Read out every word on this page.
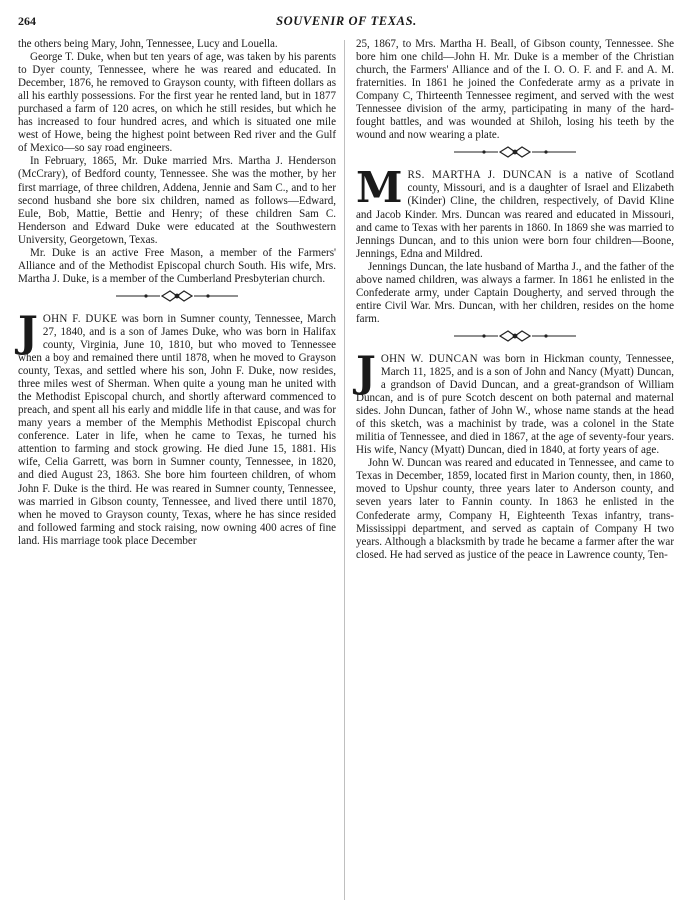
264	SOUVENIR OF TEXAS.

the others being Mary, John, Tennessee, Lucy and Louella.

George T. Duke, when but ten years of age, was taken by his parents to Dyer county, Tennessee, where he was reared and educated. In December, 1876, he removed to Grayson county, with fifteen dollars as all his earthly possessions. For the first year he rented land, but in 1877 purchased a farm of 120 acres, on which he still resides, but which he has increased to four hundred acres, and which is situated one mile west of Howe, being the highest point between Red river and the Gulf of Mexico—so say road engineers.

In February, 1865, Mr. Duke married Mrs. Martha J. Henderson (McCrary), of Bedford county, Tennessee. She was the mother, by her first marriage, of three children, Addena, Jennie and Sam C., and to her second husband she bore six children, named as follows—Edward, Eule, Bob, Mattie, Bettie and Henry; of these children Sam C. Henderson and Edward Duke were educated at the Southwestern University, Georgetown, Texas.

Mr. Duke is an active Free Mason, a member of the Farmers' Alliance and of the Methodist Episcopal church South. His wife, Mrs. Martha J. Duke, is a member of the Cumberland Presbyterian church.

JOHN F. DUKE was born in Sumner county, Tennessee, March 27, 1840, and is a son of James Duke, who was born in Halifax county, Virginia, June 10, 1810, but who moved to Tennessee when a boy and remained there until 1878, when he moved to Grayson county, Texas, and settled where his son, John F. Duke, now resides, three miles west of Sherman. When quite a young man he united with the Methodist Episcopal church, and shortly afterward commenced to preach, and spent all his early and middle life in that cause, and was for many years a member of the Memphis Methodist Episcopal church conference. Later in life, when he came to Texas, he turned his attention to farming and stock growing. He died June 15, 1881. His wife, Celia Garrett, was born in Sumner county, Tennessee, in 1820, and died August 23, 1863. She bore him fourteen children, of whom John F. Duke is the third. He was reared in Sumner county, Tennessee, was married in Gibson county, Tennessee, and lived there until 1870, when he moved to Grayson county, Texas, where he has since resided and followed farming and stock raising, now owning 400 acres of fine land. His marriage took place December

25, 1867, to Mrs. Martha H. Beall, of Gibson county, Tennessee. She bore him one child—John H. Mr. Duke is a member of the Christian church, the Farmers' Alliance and of the I. O. O. F. and F. and A. M. fraternities. In 1861 he joined the Confederate army as a private in Company C, Thirteenth Tennessee regiment, and served with the west Tennessee division of the army, participating in many of the hard-fought battles, and was wounded at Shiloh, losing his teeth by the wound and now wearing a plate.

MRS. MARTHA J. DUNCAN is a native of Scotland county, Missouri, and is a daughter of Israel and Elizabeth (Kinder) Cline, the children, respectively, of David Kline and Jacob Kinder. Mrs. Duncan was reared and educated in Missouri, and came to Texas with her parents in 1860. In 1869 she was married to Jennings Duncan, and to this union were born four children—Boone, Jennings, Edna and Mildred.

Jennings Duncan, the late husband of Martha J., and the father of the above named children, was always a farmer. In 1861 he enlisted in the Confederate army, under Captain Dougherty, and served through the entire Civil War. Mrs. Duncan, with her children, resides on the home farm.

JOHN W. DUNCAN was born in Hickman county, Tennessee, March 11, 1825, and is a son of John and Nancy (Myatt) Duncan, a grandson of David Duncan, and a great-grandson of William Duncan, and is of pure Scotch descent on both paternal and maternal sides. John Duncan, father of John W., whose name stands at the head of this sketch, was a machinist by trade, was a colonel in the State militia of Tennessee, and died in 1867, at the age of seventy-four years. His wife, Nancy (Myatt) Duncan, died in 1840, at forty years of age.

John W. Duncan was reared and educated in Tennessee, and came to Texas in December, 1859, located first in Marion county, then, in 1860, moved to Upshur county, three years later to Anderson county, and seven years later to Fannin county. In 1863 he enlisted in the Confederate army, Company H, Eighteenth Texas infantry, trans-Mississippi department, and served as captain of Company H two years. Although a blacksmith by trade he became a farmer after the war closed. He had served as justice of the peace in Lawrence county, Ten-
